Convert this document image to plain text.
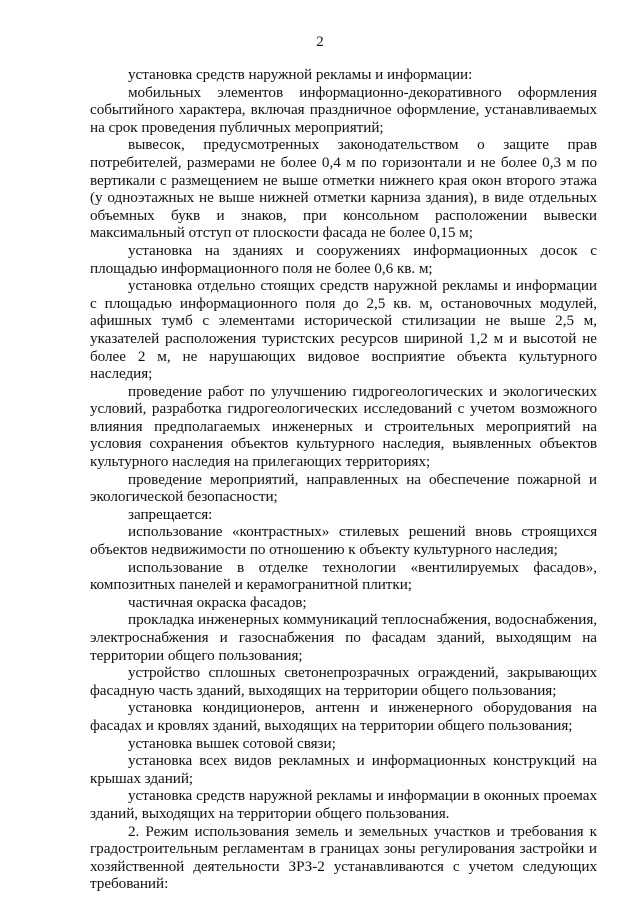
2

установка средств наружной рекламы и информации:

мобильных элементов информационно-декоративного оформления событийного характера, включая праздничное оформление, устанавливаемых на срок проведения публичных мероприятий;

вывесок, предусмотренных законодательством о защите прав потребителей, размерами не более 0,4 м по горизонтали и не более 0,3 м по вертикали с размещением не выше отметки нижнего края окон второго этажа (у одноэтажных не выше нижней отметки карниза здания), в виде отдельных объемных букв и знаков, при консольном расположении вывески максимальный отступ от плоскости фасада не более 0,15 м;

установка на зданиях и сооружениях информационных досок с площадью информационного поля не более 0,6 кв. м;

установка отдельно стоящих средств наружной рекламы и информации с площадью информационного поля до 2,5 кв. м, остановочных модулей, афишных тумб с элементами исторической стилизации не выше 2,5 м, указателей расположения туристских ресурсов шириной 1,2 м и высотой не более 2 м, не нарушающих видовое восприятие объекта культурного наследия;

проведение работ по улучшению гидрогеологических и экологических условий, разработка гидрогеологических исследований с учетом возможного влияния предполагаемых инженерных и строительных мероприятий на условия сохранения объектов культурного наследия, выявленных объектов культурного наследия на прилегающих территориях;

проведение мероприятий, направленных на обеспечение пожарной и экологической безопасности;

запрещается:

использование «контрастных» стилевых решений вновь строящихся объектов недвижимости по отношению к объекту культурного наследия;

использование в отделке технологии «вентилируемых фасадов», композитных панелей и керамогранитной плитки;

частичная окраска фасадов;

прокладка инженерных коммуникаций теплоснабжения, водоснабжения, электроснабжения и газоснабжения по фасадам зданий, выходящим на территории общего пользования;

устройство сплошных светонепрозрачных ограждений, закрывающих фасадную часть зданий, выходящих на территории общего пользования;

установка кондиционеров, антенн и инженерного оборудования на фасадах и кровлях зданий, выходящих на территории общего пользования;

установка вышек сотовой связи;

установка всех видов рекламных и информационных конструкций на крышах зданий;

установка средств наружной рекламы и информации в оконных проемах зданий, выходящих на территории общего пользования.

2. Режим использования земель и земельных участков и требования к градостроительным регламентам в границах зоны регулирования застройки и хозяйственной деятельности ЗРЗ-2 устанавливаются с учетом следующих требований:
